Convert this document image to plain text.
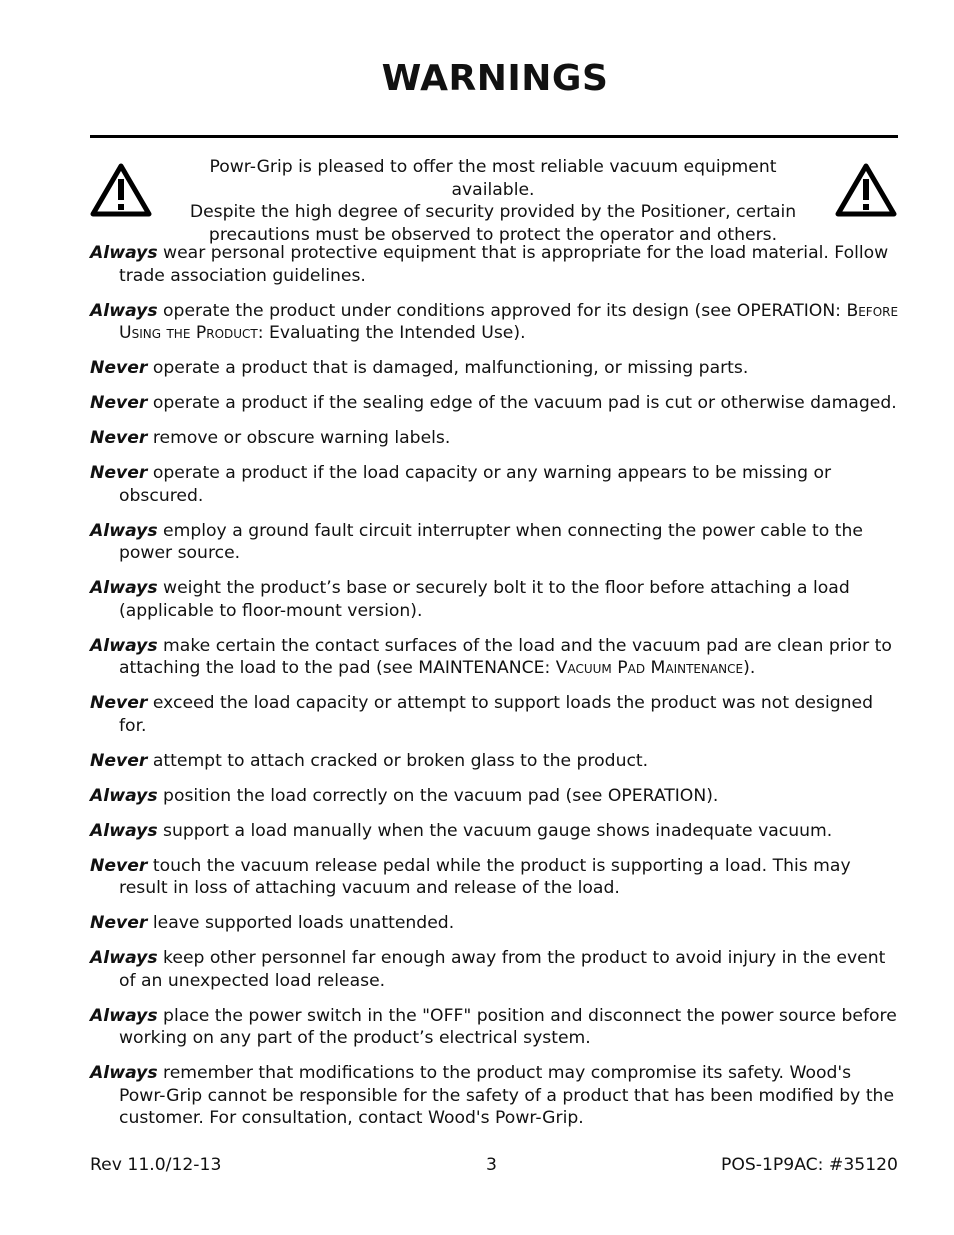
WARNINGS

Powr-Grip is pleased to offer the most reliable vacuum equipment available.
Despite the high degree of security provided by the Positioner, certain
precautions must be observed to protect the operator and others.

Always wear personal protective equipment that is appropriate for the load material. Follow trade association guidelines.
Always operate the product under conditions approved for its design (see OPERATION: Before Using the Product: Evaluating the Intended Use).
Never operate a product that is damaged, malfunctioning, or missing parts.
Never operate a product if the sealing edge of the vacuum pad is cut or otherwise damaged.
Never remove or obscure warning labels.
Never operate a product if the load capacity or any warning appears to be missing or obscured.
Always employ a ground fault circuit interrupter when connecting the power cable to the power source.
Always weight the product’s base or securely bolt it to the floor before attaching a load (applicable to floor-mount version).
Always make certain the contact surfaces of the load and the vacuum pad are clean prior to attaching the load to the pad (see MAINTENANCE: Vacuum Pad Maintenance).
Never exceed the load capacity or attempt to support loads the product was not designed for.
Never attempt to attach cracked or broken glass to the product.
Always position the load correctly on the vacuum pad (see OPERATION).
Always support a load manually when the vacuum gauge shows inadequate vacuum.
Never touch the vacuum release pedal while the product is supporting a load. This may result in loss of attaching vacuum and release of the load.
Never leave supported loads unattended.
Always keep other personnel far enough away from the product to avoid injury in the event of an unexpected load release.
Always place the power switch in the "OFF" position and disconnect the power source before working on any part of the product’s electrical system.
Always remember that modifications to the product may compromise its safety. Wood's Powr-Grip cannot be responsible for the safety of a product that has been modified by the customer. For consultation, contact Wood's Powr-Grip.
Rev 11.0/12-13	3	POS-1P9AC: #35120
